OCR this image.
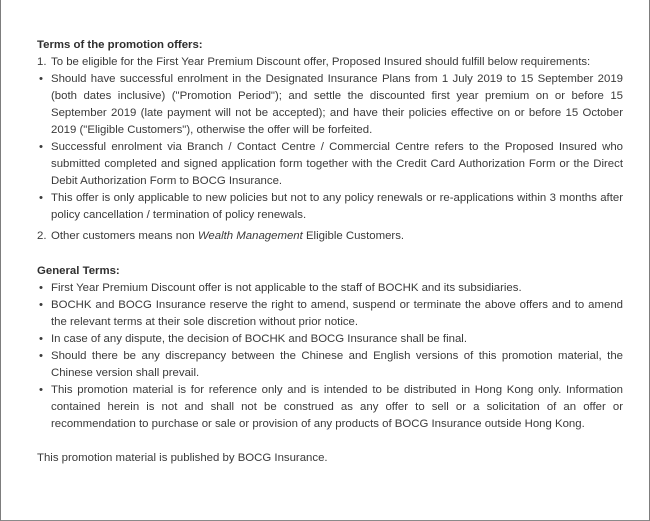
Terms of the promotion offers:
1. To be eligible for the First Year Premium Discount offer, Proposed Insured should fulfill below requirements:
• Should have successful enrolment in the Designated Insurance Plans from 1 July 2019 to 15 September 2019 (both dates inclusive) ("Promotion Period"); and settle the discounted first year premium on or before 15 September 2019 (late payment will not be accepted); and have their policies effective on or before 15 October 2019 ("Eligible Customers"), otherwise the offer will be forfeited.
• Successful enrolment via Branch / Contact Centre / Commercial Centre refers to the Proposed Insured who submitted completed and signed application form together with the Credit Card Authorization Form or the Direct Debit Authorization Form to BOCG Insurance.
• This offer is only applicable to new policies but not to any policy renewals or re-applications within 3 months after policy cancellation / termination of policy renewals.
2. Other customers means non Wealth Management Eligible Customers.
General Terms:
• First Year Premium Discount offer is not applicable to the staff of BOCHK and its subsidiaries.
• BOCHK and BOCG Insurance reserve the right to amend, suspend or terminate the above offers and to amend the relevant terms at their sole discretion without prior notice.
• In case of any dispute, the decision of BOCHK and BOCG Insurance shall be final.
• Should there be any discrepancy between the Chinese and English versions of this promotion material, the Chinese version shall prevail.
• This promotion material is for reference only and is intended to be distributed in Hong Kong only. Information contained herein is not and shall not be construed as any offer to sell or a solicitation of an offer or recommendation to purchase or sale or provision of any products of BOCG Insurance outside Hong Kong.

This promotion material is published by BOCG Insurance.
